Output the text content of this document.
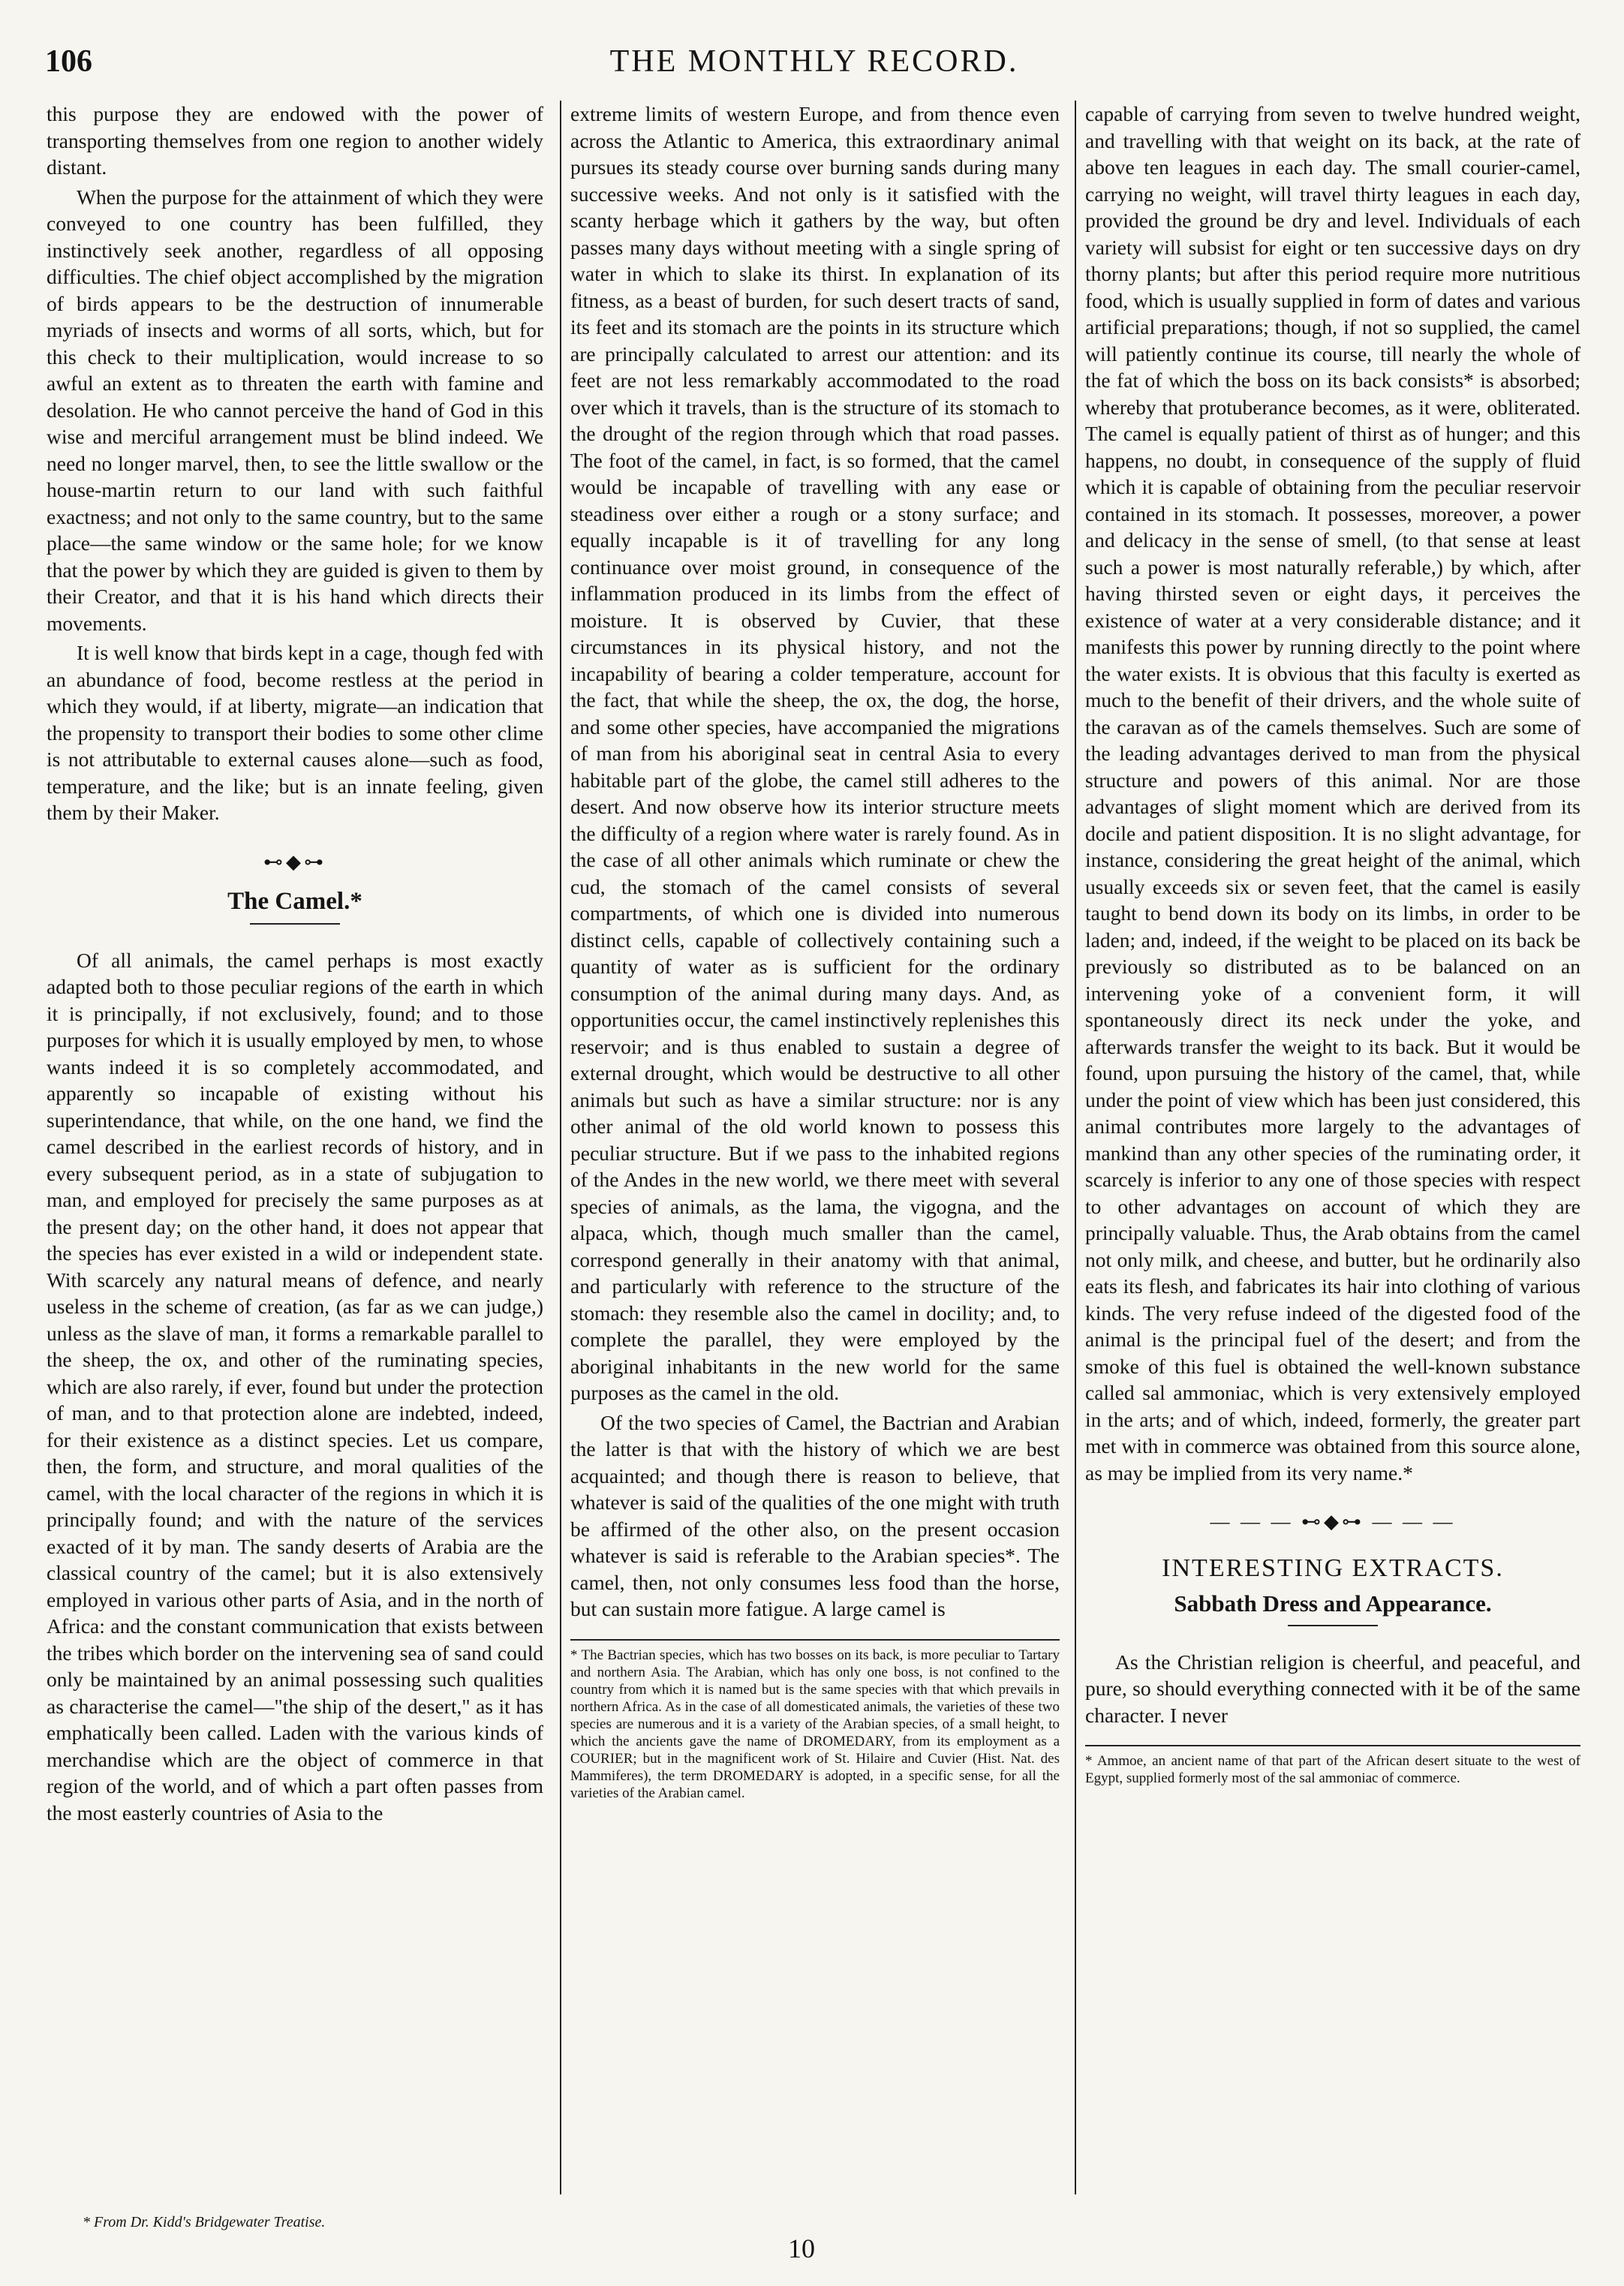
106	THE MONTHLY RECORD.

this purpose they are endowed with the power of transporting themselves from one region to another widely distant.

When the purpose for the attainment of which they were conveyed to one country has been fulfilled, they instinctively seek another, regardless of all opposing difficulties. The chief object accomplished by the migration of birds appears to be the destruction of innumerable myriads of insects and worms of all sorts, which, but for this check to their multiplication, would increase to so awful an extent as to threaten the earth with famine and desolation. He who cannot perceive the hand of God in this wise and merciful arrangement must be blind indeed. We need no longer marvel, then, to see the little swallow or the house-martin return to our land with such faithful exactness; and not only to the same country, but to the same place—the same window or the same hole; for we know that the power by which they are guided is given to them by their Creator, and that it is his hand which directs their movements.

It is well know that birds kept in a cage, though fed with an abundance of food, become restless at the period in which they would, if at liberty, migrate—an indication that the propensity to transport their bodies to some other clime is not attributable to external causes alone—such as food, temperature, and the like; but is an innate feeling, given them by their Maker.

⊷◆⊶
The Camel.*

Of all animals, the camel perhaps is most exactly adapted both to those peculiar regions of the earth in which it is principally, if not exclusively, found; and to those purposes for which it is usually employed by men, to whose wants indeed it is so completely accommodated, and apparently so incapable of existing without his superintendance, that while, on the one hand, we find the camel described in the earliest records of history, and in every subsequent period, as in a state of subjugation to man, and employed for precisely the same purposes as at the present day; on the other hand, it does not appear that the species has ever existed in a wild or independent state. With scarcely any natural means of defence, and nearly useless in the scheme of creation, (as far as we can judge,) unless as the slave of man, it forms a remarkable parallel to the sheep, the ox, and other of the ruminating species, which are also rarely, if ever, found but under the protection of man, and to that protection alone are indebted, indeed, for their existence as a distinct species. Let us compare, then, the form, and structure, and moral qualities of the camel, with the local character of the regions in which it is principally found; and with the nature of the services exacted of it by man. The sandy deserts of Arabia are the classical country of the camel; but it is also extensively employed in various other parts of Asia, and in the north of Africa: and the constant communication that exists between the tribes which border on the intervening sea of sand could only be maintained by an animal possessing such qualities as characterise the camel—"the ship of the desert," as it has emphatically been called. Laden with the various kinds of merchandise which are the object of commerce in that region of the world, and of which a part often passes from the most easterly countries of Asia to the

extreme limits of western Europe, and from thence even across the Atlantic to America, this extraordinary animal pursues its steady course over burning sands during many successive weeks. And not only is it satisfied with the scanty herbage which it gathers by the way, but often passes many days without meeting with a single spring of water in which to slake its thirst. In explanation of its fitness, as a beast of burden, for such desert tracts of sand, its feet and its stomach are the points in its structure which are principally calculated to arrest our attention: and its feet are not less remarkably accommodated to the road over which it travels, than is the structure of its stomach to the drought of the region through which that road passes. The foot of the camel, in fact, is so formed, that the camel would be incapable of travelling with any ease or steadiness over either a rough or a stony surface; and equally incapable is it of travelling for any long continuance over moist ground, in consequence of the inflammation produced in its limbs from the effect of moisture. It is observed by Cuvier, that these circumstances in its physical history, and not the incapability of bearing a colder temperature, account for the fact, that while the sheep, the ox, the dog, the horse, and some other species, have accompanied the migrations of man from his aboriginal seat in central Asia to every habitable part of the globe, the camel still adheres to the desert. And now observe how its interior structure meets the difficulty of a region where water is rarely found. As in the case of all other animals which ruminate or chew the cud, the stomach of the camel consists of several compartments, of which one is divided into numerous distinct cells, capable of collectively containing such a quantity of water as is sufficient for the ordinary consumption of the animal during many days. And, as opportunities occur, the camel instinctively replenishes this reservoir; and is thus enabled to sustain a degree of external drought, which would be destructive to all other animals but such as have a similar structure: nor is any other animal of the old world known to possess this peculiar structure. But if we pass to the inhabited regions of the Andes in the new world, we there meet with several species of animals, as the lama, the vigogna, and the alpaca, which, though much smaller than the camel, correspond generally in their anatomy with that animal, and particularly with reference to the structure of the stomach: they resemble also the camel in docility; and, to complete the parallel, they were employed by the aboriginal inhabitants in the new world for the same purposes as the camel in the old.

Of the two species of Camel, the Bactrian and Arabian the latter is that with the history of which we are best acquainted; and though there is reason to believe, that whatever is said of the qualities of the one might with truth be affirmed of the other also, on the present occasion whatever is said is referable to the Arabian species*. The camel, then, not only consumes less food than the horse, but can sustain more fatigue. A large camel is

* The Bactrian species, which has two bosses on its back, is more peculiar to Tartary and northern Asia. The Arabian, which has only one boss, is not confined to the country from which it is named but is the same species with that which prevails in northern Africa. As in the case of all domesticated animals, the varieties of these two species are numerous and it is a variety of the Arabian species, of a small height, to which the ancients gave the name of DROMEDARY, from its employment as a COURIER; but in the magnificent work of St. Hilaire and Cuvier (Hist. Nat. des Mammiferes), the term DROMEDARY is adopted, in a specific sense, for all the varieties of the Arabian camel.

capable of carrying from seven to twelve hundred weight, and travelling with that weight on its back, at the rate of above ten leagues in each day. The small courier-camel, carrying no weight, will travel thirty leagues in each day, provided the ground be dry and level. Individuals of each variety will subsist for eight or ten successive days on dry thorny plants; but after this period require more nutritious food, which is usually supplied in form of dates and various artificial preparations; though, if not so supplied, the camel will patiently continue its course, till nearly the whole of the fat of which the boss on its back consists* is absorbed; whereby that protuberance becomes, as it were, obliterated. The camel is equally patient of thirst as of hunger; and this happens, no doubt, in consequence of the supply of fluid which it is capable of obtaining from the peculiar reservoir contained in its stomach. It possesses, moreover, a power and delicacy in the sense of smell, (to that sense at least such a power is most naturally referable,) by which, after having thirsted seven or eight days, it perceives the existence of water at a very considerable distance; and it manifests this power by running directly to the point where the water exists. It is obvious that this faculty is exerted as much to the benefit of their drivers, and the whole suite of the caravan as of the camels themselves. Such are some of the leading advantages derived to man from the physical structure and powers of this animal. Nor are those advantages of slight moment which are derived from its docile and patient disposition. It is no slight advantage, for instance, considering the great height of the animal, which usually exceeds six or seven feet, that the camel is easily taught to bend down its body on its limbs, in order to be laden; and, indeed, if the weight to be placed on its back be previously so distributed as to be balanced on an intervening yoke of a convenient form, it will spontaneously direct its neck under the yoke, and afterwards transfer the weight to its back. But it would be found, upon pursuing the history of the camel, that, while under the point of view which has been just considered, this animal contributes more largely to the advantages of mankind than any other species of the ruminating order, it scarcely is inferior to any one of those species with respect to other advantages on account of which they are principally valuable. Thus, the Arab obtains from the camel not only milk, and cheese, and butter, but he ordinarily also eats its flesh, and fabricates its hair into clothing of various kinds. The very refuse indeed of the digested food of the animal is the principal fuel of the desert; and from the smoke of this fuel is obtained the well-known substance called sal ammoniac, which is very extensively employed in the arts; and of which, indeed, formerly, the greater part met with in commerce was obtained from this source alone, as may be implied from its very name.*

— — — ⊷◆⊶ — — —
INTERESTING EXTRACTS.
Sabbath Dress and Appearance.

As the Christian religion is cheerful, and peaceful, and pure, so should everything connected with it be of the same character. I never

* Ammoe, an ancient name of that part of the African desert situate to the west of Egypt, supplied formerly most of the sal ammoniac of commerce.
* From Dr. Kidd's Bridgewater Treatise.
10
